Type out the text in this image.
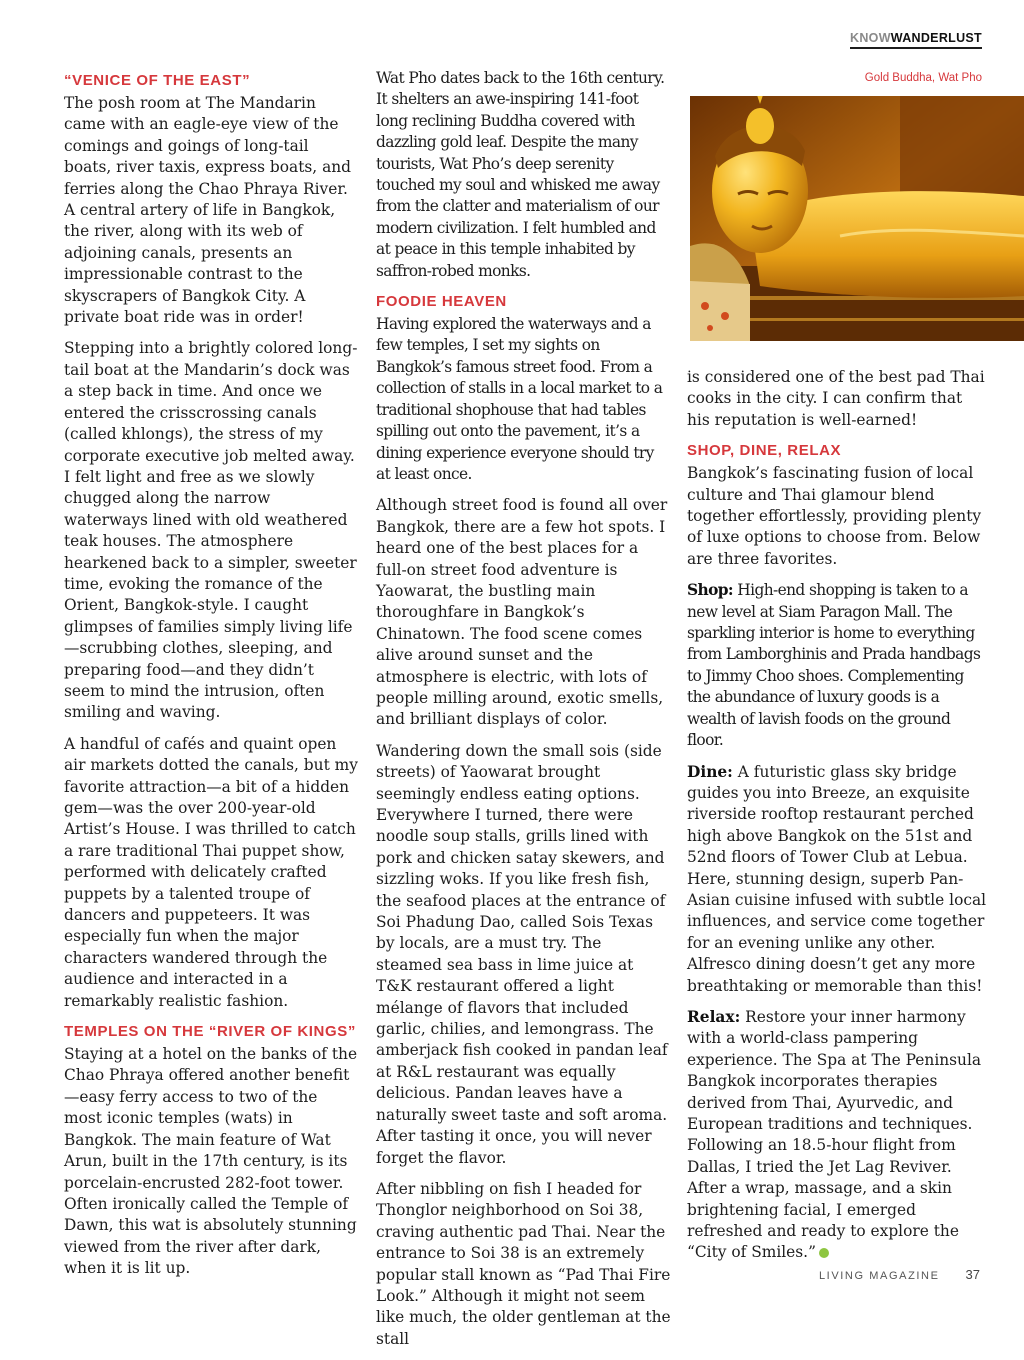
KNOWWANDERLUST
Gold Buddha, Wat Pho
“VENICE OF THE EAST”

The posh room at The Mandarin came with an eagle-eye view of the comings and goings of long-tail boats, river taxis, express boats, and ferries along the Chao Phraya River. A central artery of life in Bangkok, the river, along with its web of adjoining canals, presents an impressionable contrast to the skyscrapers of Bangkok City. A private boat ride was in order!

Stepping into a brightly colored long-tail boat at the Mandarin’s dock was a step back in time. And once we entered the crisscrossing canals (called khlongs), the stress of my corporate executive job melted away. I felt light and free as we slowly chugged along the narrow waterways lined with old weathered teak houses. The atmosphere hearkened back to a simpler, sweeter time, evoking the romance of the Orient, Bangkok-style. I caught glimpses of families simply living life—scrubbing clothes, sleeping, and preparing food—and they didn’t seem to mind the intrusion, often smiling and waving.

A handful of cafés and quaint open air markets dotted the canals, but my favorite attraction—a bit of a hidden gem—was the over 200-year-old Artist’s House. I was thrilled to catch a rare traditional Thai puppet show, performed with delicately crafted puppets by a talented troupe of dancers and puppeteers. It was especially fun when the major characters wandered through the audience and interacted in a remarkably realistic fashion.

TEMPLES ON THE “RIVER OF KINGS”

Staying at a hotel on the banks of the Chao Phraya offered another benefit—easy ferry access to two of the most iconic temples (wats) in Bangkok. The main feature of Wat Arun, built in the 17th century, is its porcelain-encrusted 282-foot tower. Often ironically called the Temple of Dawn, this wat is absolutely stunning viewed from the river after dark, when it is lit up.

Wat Pho dates back to the 16th century. It shelters an awe-inspiring 141-foot long reclining Buddha covered with dazzling gold leaf. Despite the many tourists, Wat Pho’s deep serenity touched my soul and whisked me away from the clatter and materialism of our modern civilization. I felt humbled and at peace in this temple inhabited by saffron-robed monks.

FOODIE HEAVEN

Having explored the waterways and a few temples, I set my sights on Bangkok’s famous street food. From a collection of stalls in a local market to a traditional shophouse that had tables spilling out onto the pavement, it’s a dining experience everyone should try at least once.

Although street food is found all over Bangkok, there are a few hot spots. I heard one of the best places for a full-on street food adventure is Yaowarat, the bustling main thoroughfare in Bangkok’s Chinatown. The food scene comes alive around sunset and the atmosphere is electric, with lots of people milling around, exotic smells, and brilliant displays of color.

Wandering down the small sois (side streets) of Yaowarat brought seemingly endless eating options. Everywhere I turned, there were noodle soup stalls, grills lined with pork and chicken satay skewers, and sizzling woks. If you like fresh fish, the seafood places at the entrance of Soi Phadung Dao, called Sois Texas by locals, are a must try. The steamed sea bass in lime juice at T&K restaurant offered a light mélange of flavors that included garlic, chilies, and lemongrass. The amberjack fish cooked in pandan leaf at R&L restaurant was equally delicious. Pandan leaves have a naturally sweet taste and soft aroma. After tasting it once, you will never forget the flavor.

After nibbling on fish I headed for Thonglor neighborhood on Soi 38, craving authentic pad Thai. Near the entrance to Soi 38 is an extremely popular stall known as “Pad Thai Fire Look.” Although it might not seem like much, the older gentleman at the stall

is considered one of the best pad Thai cooks in the city. I can confirm that his reputation is well-earned!

SHOP, DINE, RELAX

Bangkok’s fascinating fusion of local culture and Thai glamour blend together effortlessly, providing plenty of luxe options to choose from. Below are three favorites.

Shop: High-end shopping is taken to a new level at Siam Paragon Mall. The sparkling interior is home to everything from Lamborghinis and Prada handbags to Jimmy Choo shoes. Complementing the abundance of luxury goods is a wealth of lavish foods on the ground floor.

Dine: A futuristic glass sky bridge guides you into Breeze, an exquisite riverside rooftop restaurant perched high above Bangkok on the 51st and 52nd floors of Tower Club at Lebua. Here, stunning design, superb Pan-Asian cuisine infused with subtle local influences, and service come together for an evening unlike any other. Alfresco dining doesn’t get any more breathtaking or memorable than this!

Relax: Restore your inner harmony with a world-class pampering experience. The Spa at The Peninsula Bangkok incorporates therapies derived from Thai, Ayurvedic, and European traditions and techniques. Following an 18.5-hour flight from Dallas, I tried the Jet Lag Reviver. After a wrap, massage, and a skin brightening facial, I emerged refreshed and ready to explore the “City of Smiles.”

LIVING MAGAZINE 37
